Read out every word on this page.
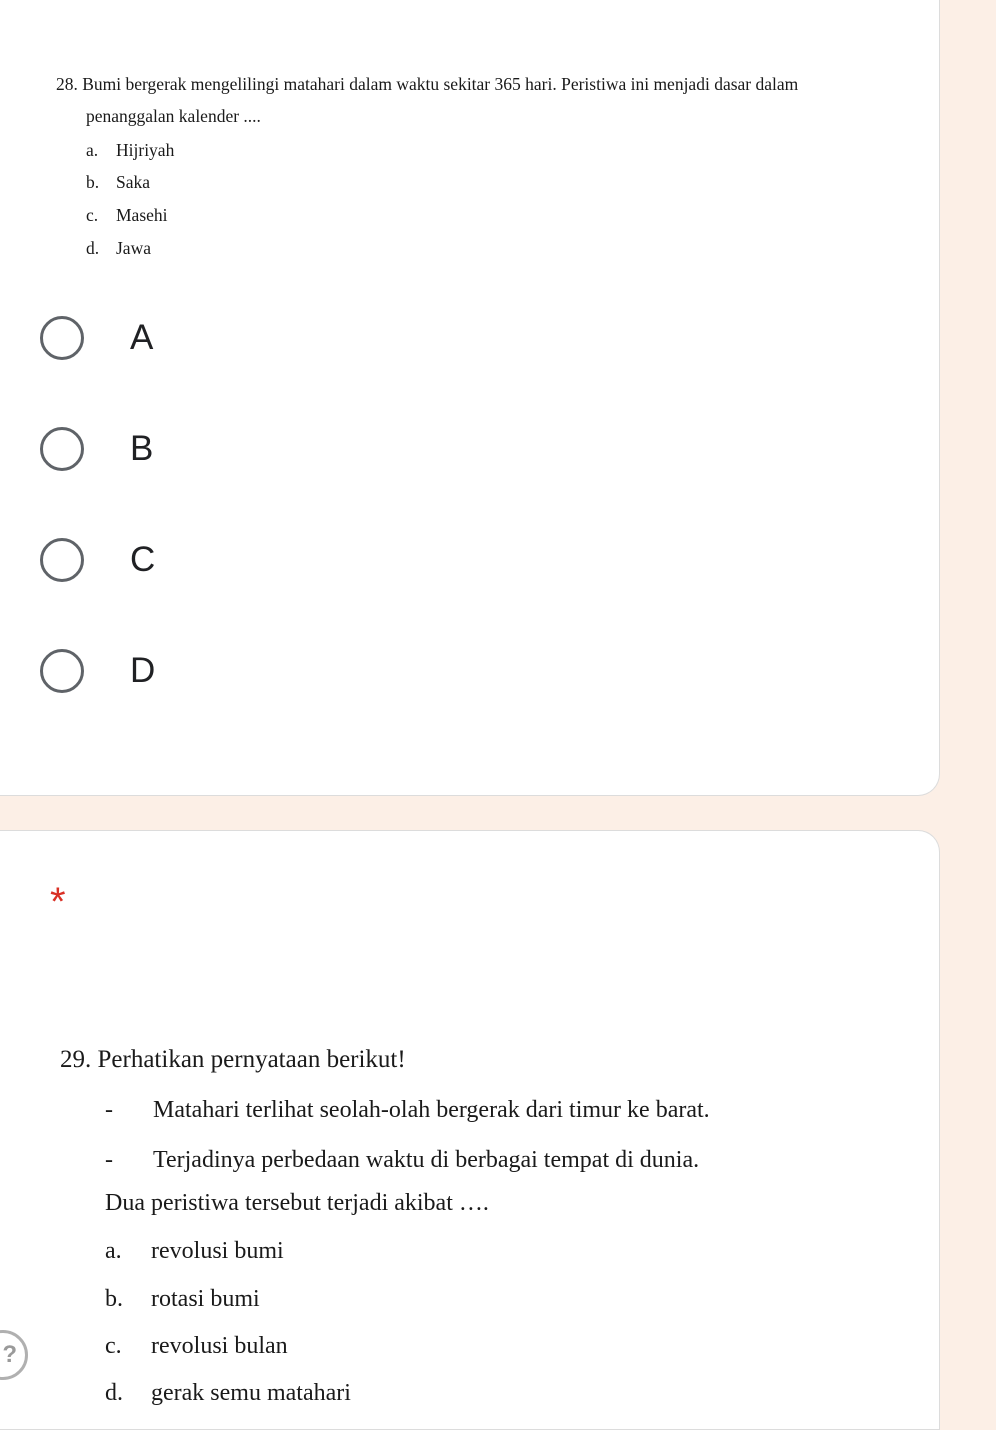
28. Bumi bergerak mengelilingi matahari dalam waktu sekitar 365 hari. Peristiwa ini menjadi dasar dalam
penanggalan kalender ....
a. Hijriyah
b. Saka
c. Masehi
d. Jawa
A
B
C
D
*
29. Perhatikan pernyataan berikut!
- Matahari terlihat seolah-olah bergerak dari timur ke barat.
- Terjadinya perbedaan waktu di berbagai tempat di dunia.
Dua peristiwa tersebut terjadi akibat ….
a. revolusi bumi
b. rotasi bumi
c. revolusi bulan
d. gerak semu matahari
?
